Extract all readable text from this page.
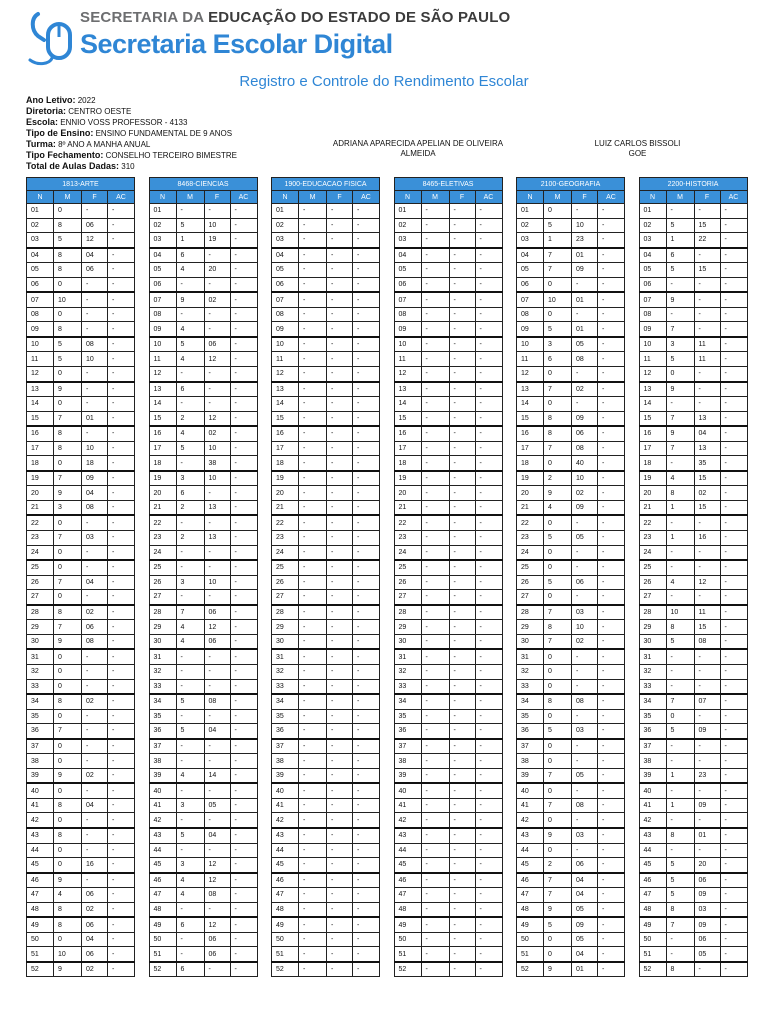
SECRETARIA DA EDUCAÇÃO DO ESTADO DE SÃO PAULO
Secretaria Escolar Digital
Registro e Controle do Rendimento Escolar
Ano Letivo: 2022
Diretoria: CENTRO OESTE
Escola: ENNIO VOSS PROFESSOR - 4133
Tipo de Ensino: ENSINO FUNDAMENTAL DE 9 ANOS
Turma: 8º ANO A MANHA ANUAL
Tipo Fechamento: CONSELHO TERCEIRO BIMESTRE
Total de Aulas Dadas: 310
ADRIANA APARECIDA APELIAN DE OLIVEIRA
ALMEIDA
LUIZ CARLOS BISSOLI
GOE
1813-ARTE			
N	M	F	AC
01	0	-	-
02	8	06	-
03	5	12	-
04	8	04	-
05	8	06	-
06	0	-	-
07	10	-	-
08	0	-	-
09	8	-	-
10	5	08	-
11	5	10	-
12	0	-	-
13	9	-	-
14	0	-	-
15	7	01	-
16	8	-	-
17	8	10	-
18	0	18	-
19	7	09	-
20	9	04	-
21	3	08	-
22	0	-	-
23	7	03	-
24	0	-	-
25	0	-	-
26	7	04	-
27	0	-	-
28	8	02	-
29	7	06	-
30	9	08	-
31	0	-	-
32	0	-	-
33	0	-	-
34	8	02	-
35	0	-	-
36	7	-	-
37	0	-	-
38	0	-	-
39	9	02	-
40	0	-	-
41	8	04	-
42	0	-	-
43	8	-	-
44	0	-	-
45	0	16	-
46	9	-	-
47	4	06	-
48	8	02	-
49	8	06	-
50	0	04	-
51	10	06	-
52	9	02	-
8468-CIENCIAS			
N	M	F	AC
01	-	-	-
02	5	10	-
03	1	19	-
04	6	-	-
05	4	20	-
06	-	-	-
07	9	02	-
08	-	-	-
09	4	-	-
10	5	06	-
11	4	12	-
12	-	-	-
13	6	-	-
14	-	-	-
15	2	12	-
16	4	02	-
17	5	10	-
18	-	38	-
19	3	10	-
20	6	-	-
21	2	13	-
22	-	-	-
23	2	13	-
24	-	-	-
25	-	-	-
26	3	10	-
27	-	-	-
28	7	06	-
29	4	12	-
30	4	06	-
31	-	-	-
32	-	-	-
33	-	-	-
34	5	08	-
35	-	-	-
36	5	04	-
37	-	-	-
38	-	-	-
39	4	14	-
40	-	-	-
41	3	05	-
42	-	-	-
43	5	04	-
44	-	-	-
45	3	12	-
46	4	12	-
47	4	08	-
48	-	-	-
49	6	12	-
50	-	06	-
51	-	06	-
52	6	-	-
1900-EDUCACAO FISICA			
N	M	F	AC
01	-	-	-
02	-	-	-
03	-	-	-
04	-	-	-
05	-	-	-
06	-	-	-
07	-	-	-
08	-	-	-
09	-	-	-
10	-	-	-
11	-	-	-
12	-	-	-
13	-	-	-
14	-	-	-
15	-	-	-
16	-	-	-
17	-	-	-
18	-	-	-
19	-	-	-
20	-	-	-
21	-	-	-
22	-	-	-
23	-	-	-
24	-	-	-
25	-	-	-
26	-	-	-
27	-	-	-
28	-	-	-
29	-	-	-
30	-	-	-
31	-	-	-
32	-	-	-
33	-	-	-
34	-	-	-
35	-	-	-
36	-	-	-
37	-	-	-
38	-	-	-
39	-	-	-
40	-	-	-
41	-	-	-
42	-	-	-
43	-	-	-
44	-	-	-
45	-	-	-
46	-	-	-
47	-	-	-
48	-	-	-
49	-	-	-
50	-	-	-
51	-	-	-
52	-	-	-
8465-ELETIVAS			
N	M	F	AC
01	-	-	-
02	-	-	-
03	-	-	-
04	-	-	-
05	-	-	-
06	-	-	-
07	-	-	-
08	-	-	-
09	-	-	-
10	-	-	-
11	-	-	-
12	-	-	-
13	-	-	-
14	-	-	-
15	-	-	-
16	-	-	-
17	-	-	-
18	-	-	-
19	-	-	-
20	-	-	-
21	-	-	-
22	-	-	-
23	-	-	-
24	-	-	-
25	-	-	-
26	-	-	-
27	-	-	-
28	-	-	-
29	-	-	-
30	-	-	-
31	-	-	-
32	-	-	-
33	-	-	-
34	-	-	-
35	-	-	-
36	-	-	-
37	-	-	-
38	-	-	-
39	-	-	-
40	-	-	-
41	-	-	-
42	-	-	-
43	-	-	-
44	-	-	-
45	-	-	-
46	-	-	-
47	-	-	-
48	-	-	-
49	-	-	-
50	-	-	-
51	-	-	-
52	-	-	-
2100-GEOGRAFIA			
N	M	F	AC
01	0	-	-
02	5	10	-
03	1	23	-
04	7	01	-
05	7	09	-
06	0	-	-
07	10	01	-
08	0	-	-
09	5	01	-
10	3	05	-
11	6	08	-
12	0	-	-
13	7	02	-
14	0	-	-
15	8	09	-
16	8	06	-
17	7	08	-
18	0	40	-
19	2	10	-
20	9	02	-
21	4	09	-
22	0	-	-
23	5	05	-
24	0	-	-
25	0	-	-
26	5	06	-
27	0	-	-
28	7	03	-
29	8	10	-
30	7	02	-
31	0	-	-
32	0	-	-
33	0	-	-
34	8	08	-
35	0	-	-
36	5	03	-
37	0	-	-
38	0	-	-
39	7	05	-
40	0	-	-
41	7	08	-
42	0	-	-
43	9	03	-
44	0	-	-
45	2	06	-
46	7	04	-
47	7	04	-
48	9	05	-
49	5	09	-
50	0	05	-
51	0	04	-
52	9	01	-
2200-HISTORIA			
N	M	F	AC
01	-	-	-
02	5	15	-
03	1	22	-
04	6	-	-
05	5	15	-
06	-	-	-
07	9	-	-
08	-	-	-
09	7	-	-
10	3	11	-
11	5	11	-
12	0	-	-
13	9	-	-
14	-	-	-
15	7	13	-
16	9	04	-
17	7	13	-
18	-	35	-
19	4	15	-
20	8	02	-
21	1	15	-
22	-	-	-
23	1	16	-
24	-	-	-
25	-	-	-
26	4	12	-
27	-	-	-
28	10	11	-
29	8	15	-
30	5	08	-
31	-	-	-
32	-	-	-
33	-	-	-
34	7	07	-
35	0	-	-
36	5	09	-
37	-	-	-
38	-	-	-
39	1	23	-
40	-	-	-
41	1	09	-
42	-	-	-
43	8	01	-
44	-	-	-
45	5	20	-
46	5	06	-
47	5	09	-
48	8	03	-
49	7	09	-
50	-	06	-
51	-	05	-
52	8	-	-
